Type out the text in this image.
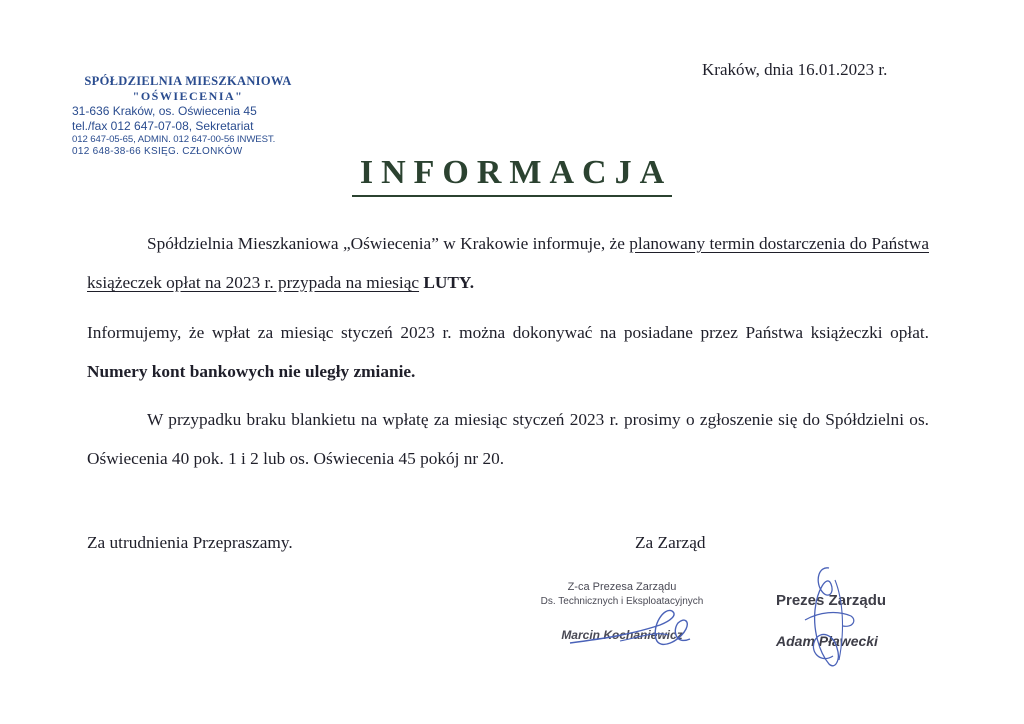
SPÓŁDZIELNIA MIESZKANIOWA
"OŚWIECENIA"
31-636 Kraków, os. Oświecenia 45
tel./fax 012 647-07-08, Sekretariat
012 647-05-65, ADMIN. 012 647-00-56 INWEST.
012 648-38-66 KSIĘG. CZŁONKÓW
Kraków, dnia 16.01.2023 r.
INFORMACJA
Spółdzielnia Mieszkaniowa „Oświecenia” w Krakowie informuje, że planowany termin dostarczenia do Państwa książeczek opłat na 2023 r. przypada na miesiąc LUTY.
Informujemy, że wpłat za miesiąc styczeń 2023 r. można dokonywać na posiadane przez Państwa książeczki opłat. Numery kont bankowych nie uległy zmianie.
W przypadku braku blankietu na wpłatę za miesiąc styczeń 2023 r. prosimy o zgłoszenie się do Spółdzielni os. Oświecenia 40 pok. 1 i 2 lub os. Oświecenia 45 pokój nr 20.
Za utrudnienia Przepraszamy.	Za Zarząd
Z-ca Prezesa Zarządu
Ds. Technicznych i Eksploatacyjnych
Marcin Kochaniewicz
Prezes Zarządu
Adam Pławecki
